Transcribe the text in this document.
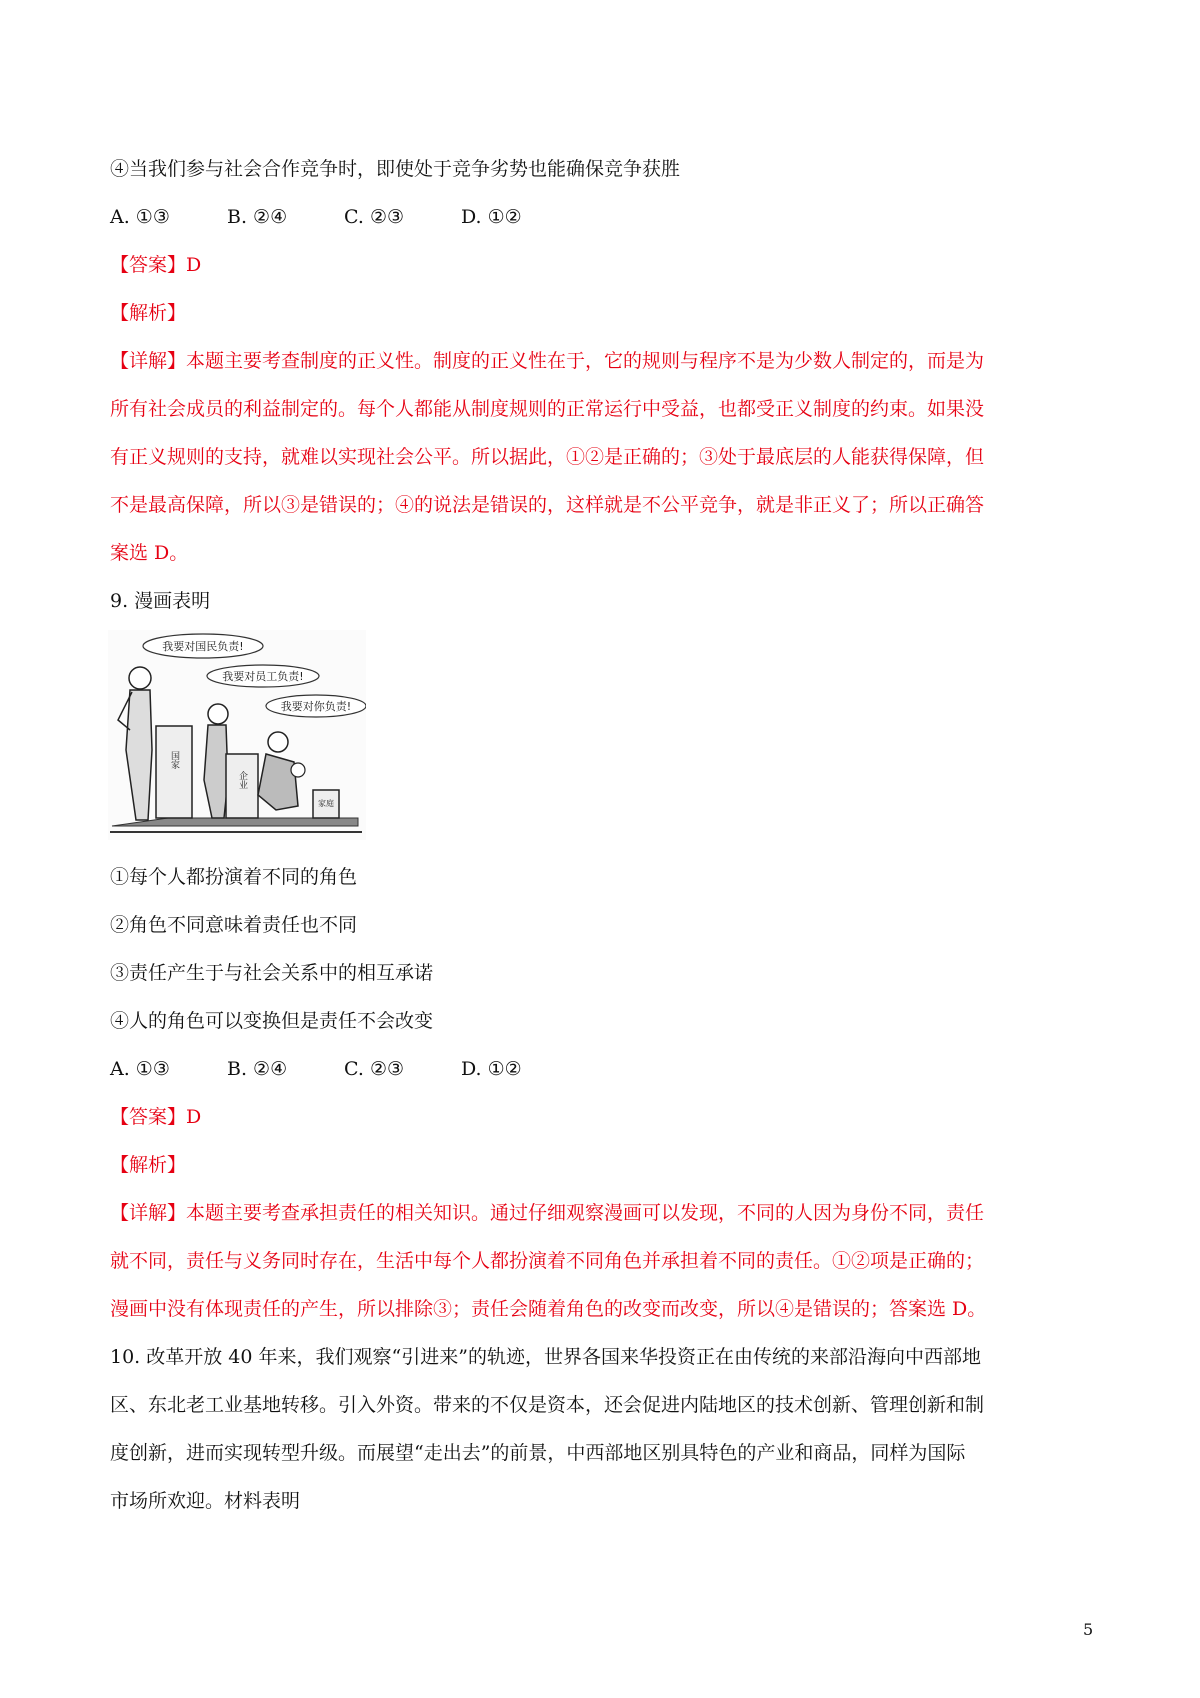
④当我们参与社会合作竞争时，即使处于竞争劣势也能确保竞争获胜
A. ①③	B. ②④	C. ②③	D. ①②
【答案】D
【解析】
【详解】本题主要考查制度的正义性。制度的正义性在于，它的规则与程序不是为少数人制定的，而是为
所有社会成员的利益制定的。每个人都能从制度规则的正常运行中受益，也都受正义制度的约束。如果没
有正义规则的支持，就难以实现社会公平。所以据此，①②是正确的；③处于最底层的人能获得保障，但
不是最高保障，所以③是错误的；④的说法是错误的，这样就是不公平竞争，就是非正义了；所以正确答
案选 D。
9. 漫画表明
我要对国民负责!
我要对员工负责!
我要对你负责!
国家
企业
家庭
①每个人都扮演着不同的角色
②角色不同意味着责任也不同
③责任产生于与社会关系中的相互承诺
④人的角色可以变换但是责任不会改变
A. ①③	B. ②④	C. ②③	D. ①②
【答案】D
【解析】
【详解】本题主要考查承担责任的相关知识。通过仔细观察漫画可以发现，不同的人因为身份不同，责任
就不同，责任与义务同时存在，生活中每个人都扮演着不同角色并承担着不同的责任。①②项是正确的；
漫画中没有体现责任的产生，所以排除③；责任会随着角色的改变而改变，所以④是错误的；答案选 D。
10. 改革开放 40 年来，我们观察“引进来”的轨迹，世界各国来华投资正在由传统的来部沿海向中西部地
区、东北老工业基地转移。引入外资。带来的不仅是资本，还会促进内陆地区的技术创新、管理创新和制
度创新，进而实现转型升级。而展望“走出去”的前景，中西部地区别具特色的产业和商品，同样为国际
市场所欢迎。材料表明
5
